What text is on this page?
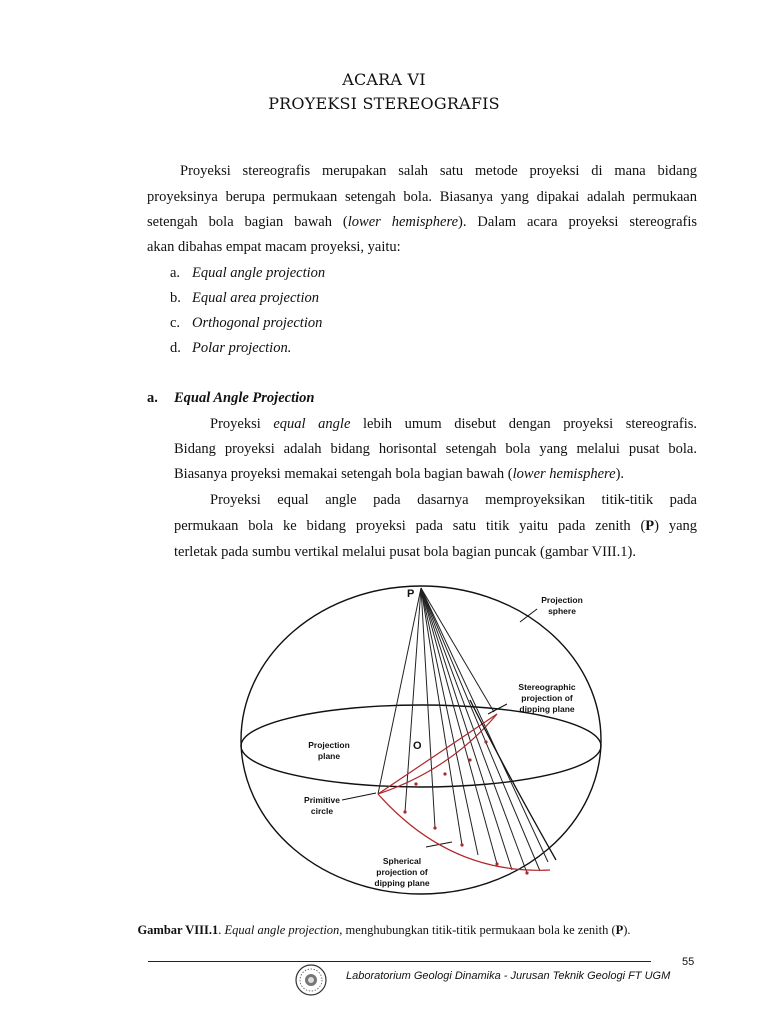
ACARA VI
PROYEKSI STEREOGRAFIS

Proyeksi stereografis merupakan salah satu metode proyeksi di mana bidang

proyeksinya berupa permukaan setengah bola. Biasanya yang dipakai adalah permukaan

setengah bola bagian bawah (lower hemisphere). Dalam acara proyeksi stereografis

akan dibahas empat macam proyeksi, yaitu:

a. Equal angle projection
b. Equal area projection
c. Orthogonal projection
d. Polar projection.
a. Equal Angle Projection

Proyeksi equal angle lebih umum disebut dengan proyeksi stereografis.

Bidang proyeksi adalah bidang horisontal setengah bola yang melalui pusat bola.

Biasanya proyeksi memakai setengah bola bagian bawah (lower hemisphere).

Proyeksi equal angle pada dasarnya memproyeksikan titik-titik pada

permukaan bola ke bidang proyeksi pada satu titik yaitu pada zenith (P) yang

terletak pada sumbu vertikal melalui pusat bola bagian puncak (gambar VIII.1).

P
O
Projection
sphere
Stereographic
projection of
dipping plane
Projection
plane
Primitive
circle
Spherical
projection of
dipping plane
Gambar VIII.1. Equal angle projection, menghubungkan titik-titik permukaan bola ke zenith (P).
55
Laboratorium Geologi Dinamika - Jurusan Teknik Geologi FT UGM
